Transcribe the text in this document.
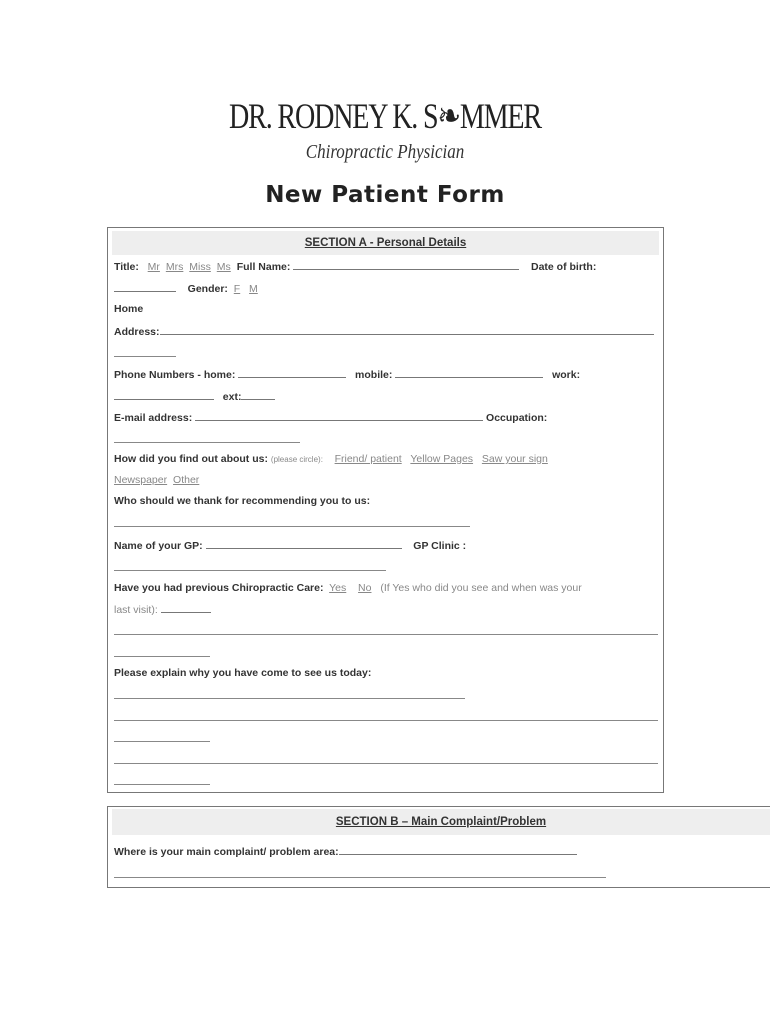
DR. RODNEY K. S❧MMER
Chiropractic Physician
New Patient Form
SECTION A - Personal Details
Title: Mr Mrs Miss Ms Full Name:	Date of birth:
Gender: F M
Home
Address:
Phone Numbers - home:	mobile:	work:
ext:
E-mail address:	Occupation:
How did you find out about us: (please circle): Friend/ patient Yellow Pages Saw your sign
Newspaper Other
Who should we thank for recommending you to us:
Name of your GP:	GP Clinic :
Have you had previous Chiropractic Care: Yes No (If Yes who did you see and when was your
last visit):
Please explain why you have come to see us today:
SECTION B – Main Complaint/Problem
Where is your main complaint/ problem area:
